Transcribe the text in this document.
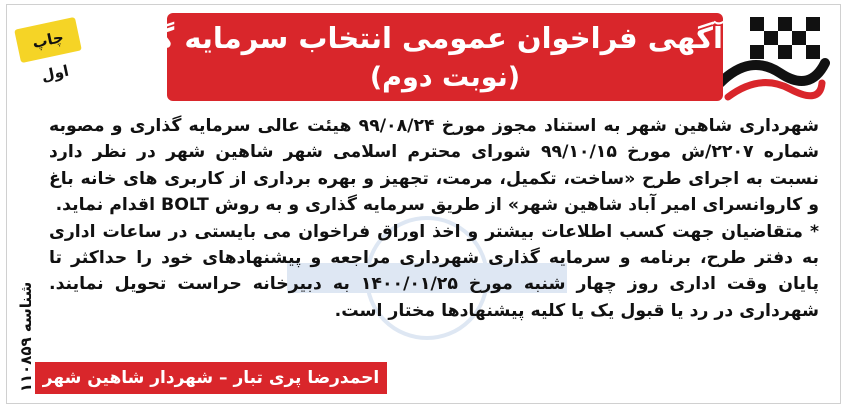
آگهی فراخوان عمومی انتخاب سرمایه گذار
(نوبت دوم)
چاپ اول

شهرداری شاهین شهر به استناد مجوز مورخ ۹۹/۰۸/۲۴ هیئت عالی سرمایه گذاری و مصوبه شماره ۲۲۰۷/ش مورخ ۹۹/۱۰/۱۵ شورای محترم اسلامی شهر شاهین شهر در نظر دارد نسبت به اجرای طرح «ساخت، تکمیل، مرمت، تجهیز و بهره برداری از کاربری های خانه باغ و کاروانسرای امیر آباد شاهین شهر» از طریق سرمایه گذاری و به روش BOLT اقدام نماید.

* متقاضیان جهت کسب اطلاعات بیشتر و اخذ اوراق فراخوان می بایستی در ساعات اداری به دفتر طرح، برنامه و سرمایه گذاری شهرداری مراجعه و پیشنهادهای خود را حداکثر تا پایان وقت اداری روز چهار شنبه مورخ ۱۴۰۰/۰۱/۲۵ به دبیرخانه حراست تحویل نمایند. شهرداری در رد یا قبول یک یا کلیه پیشنهادها مختار است.

شناسه ۱۱۰۸۵۹
احمدرضا پری تبار – شهردار شاهین شهر
